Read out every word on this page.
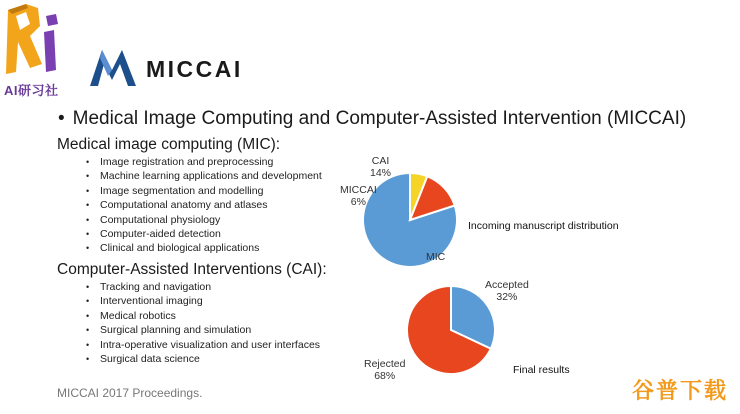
AI研习社
MICCAI
• Medical Image Computing and Computer-Assisted Intervention (MICCAI)
Medical image computing (MIC):
• Image registration and preprocessing
• Machine learning applications and development
• Image segmentation and modelling
• Computational anatomy and atlases
• Computational physiology
• Computer-aided detection
• Clinical and biological applications
Computer-Assisted Interventions (CAI):
• Tracking and navigation
• Interventional imaging
• Medical robotics
• Surgical planning and simulation
• Intra-operative visualization and user interfaces
• Surgical data science
CAI
14%
MICCAI
6%
MIC
Incoming manuscript distribution
Accepted
32%
Rejected
68%	Final results
MICCAI 2017 Proceedings.	谷普下载
